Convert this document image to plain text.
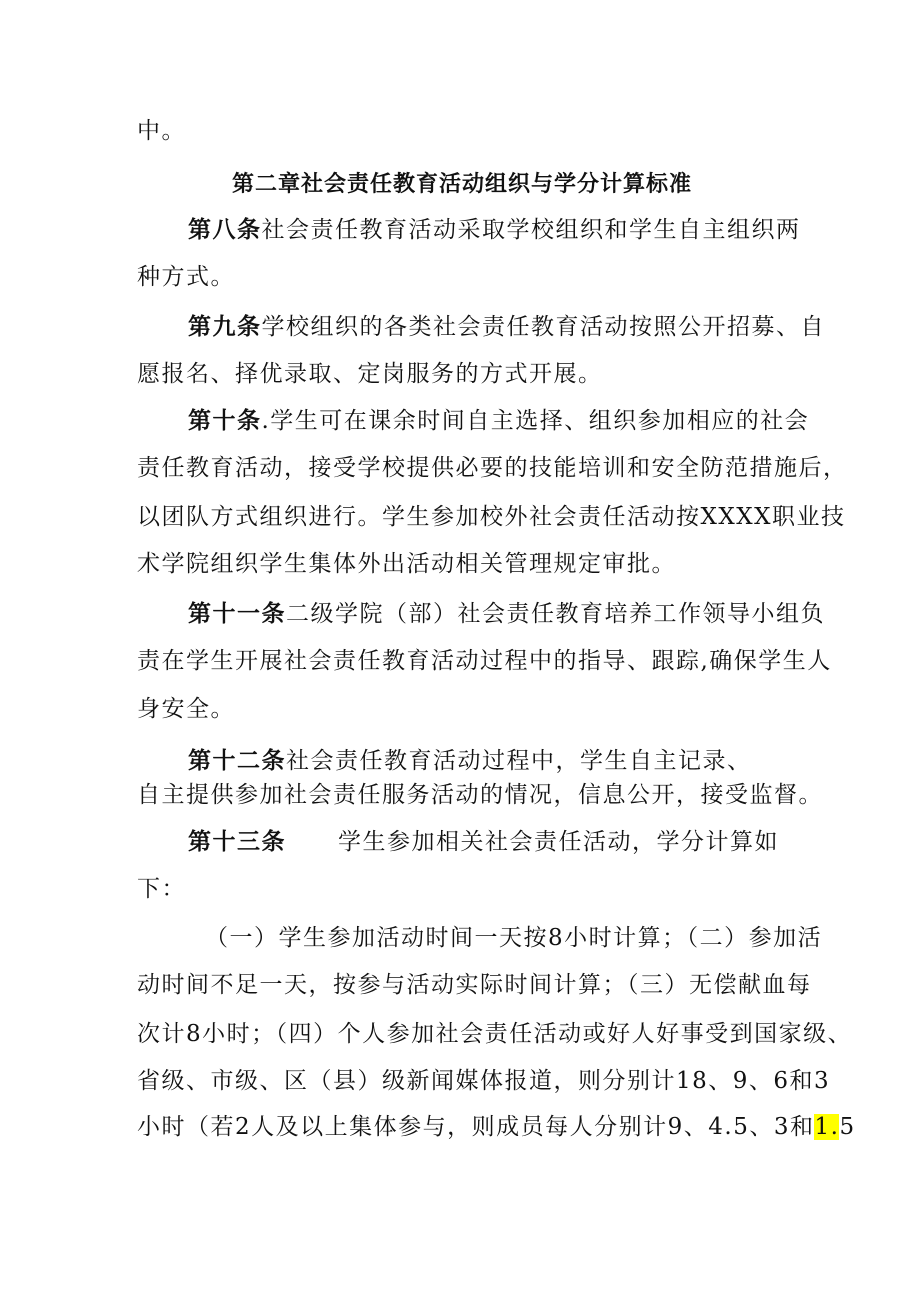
中。
第二章社会责任教育活动组织与学分计算标准
第八条社会责任教育活动采取学校组织和学生自主组织两
种方式。
第九条学校组织的各类社会责任教育活动按照公开招募、自
愿报名、择优录取、定岗服务的方式开展。
第十条.学生可在课余时间自主选择、组织参加相应的社会
责任教育活动，接受学校提供必要的技能培训和安全防范措施后，
以团队方式组织进行。学生参加校外社会责任活动按XXXX职业技
术学院组织学生集体外出活动相关管理规定审批。
第十一条二级学院（部）社会责任教育培养工作领导小组负
责在学生开展社会责任教育活动过程中的指导、跟踪,确保学生人
身安全。
第十二条社会责任教育活动过程中，学生自主记录、
自主提供参加社会责任服务活动的情况，信息公开，接受监督。
第十三条 学生参加相关社会责任活动，学分计算如
下：
（一）学生参加活动时间一天按8小时计算；（二）参加活
动时间不足一天，按参与活动实际时间计算；（三）无偿献血每
次计8小时；（四）个人参加社会责任活动或好人好事受到国家级、
省级、市级、区（县）级新闻媒体报道，则分别计18、9、6和3
小时（若2人及以上集体参与，则成员每人分别计9、4.5、3和1.5
